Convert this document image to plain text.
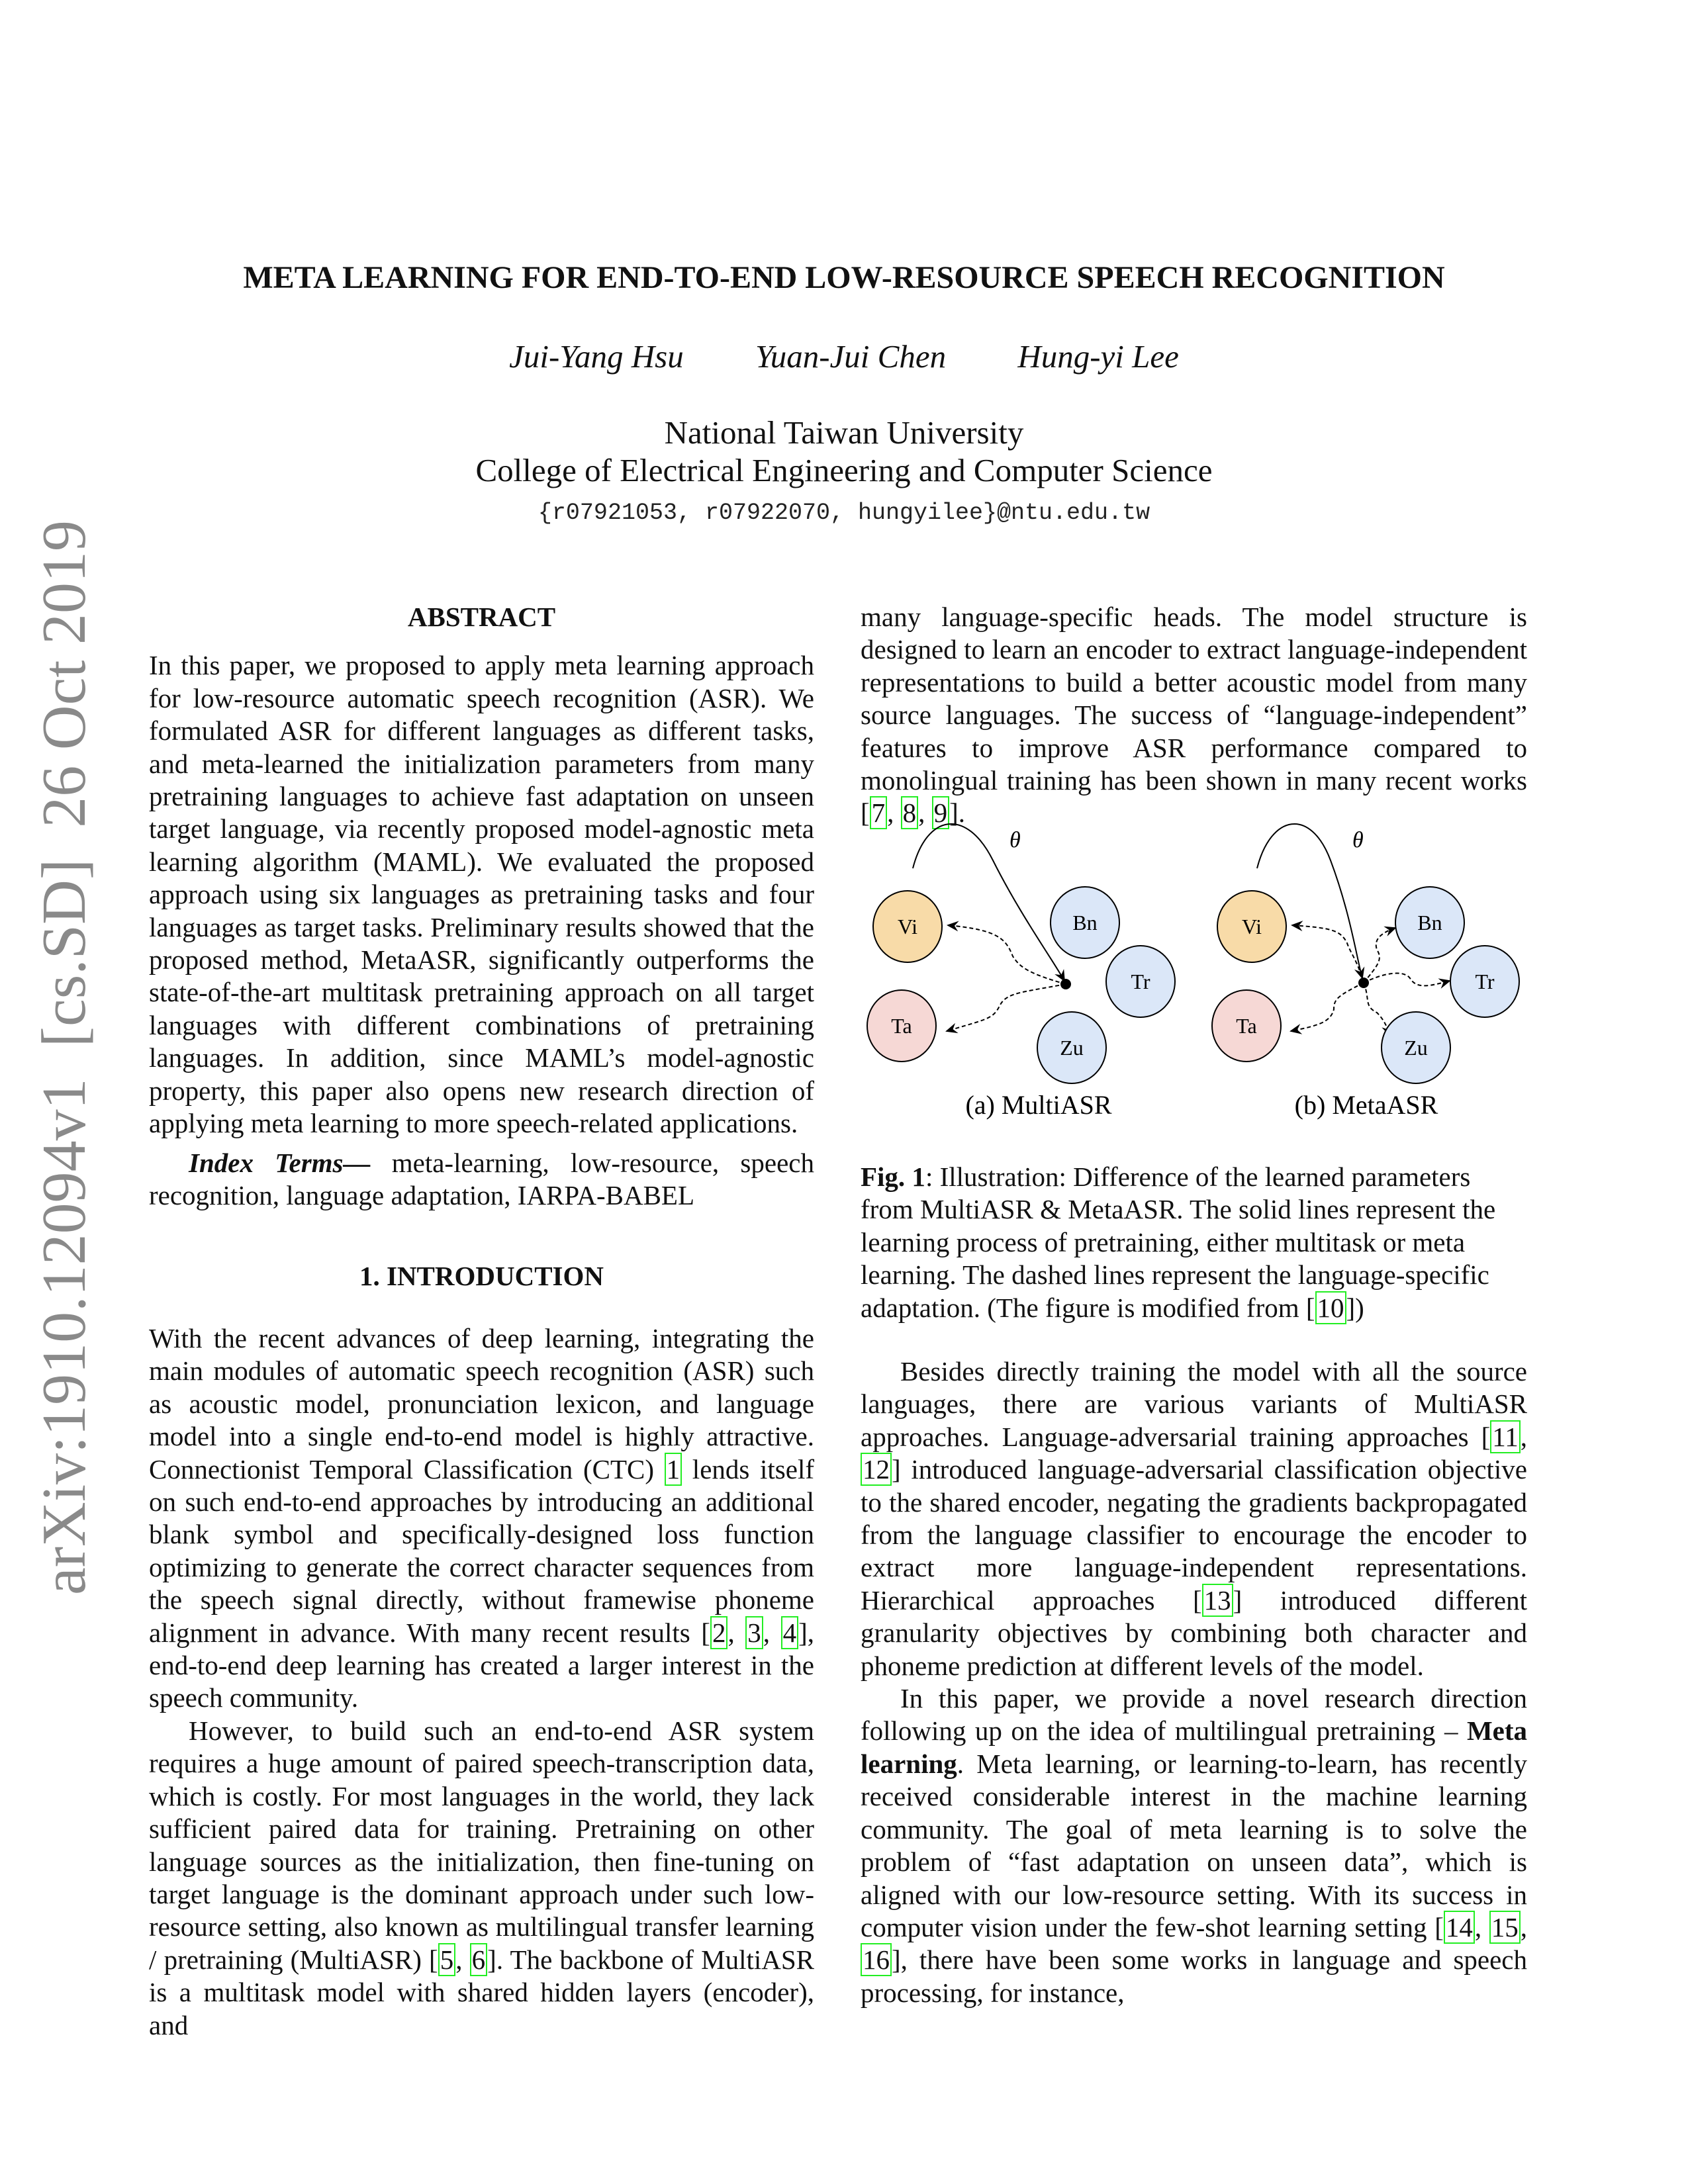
META LEARNING FOR END-TO-END LOW-RESOURCE SPEECH RECOGNITION
Jui-Yang Hsu Yuan-Jui Chen Hung-yi Lee
National Taiwan University
College of Electrical Engineering and Computer Science
{r07921053, r07922070, hungyilee}@ntu.edu.tw
arXiv:1910.12094v1  [cs.SD]  26 Oct 2019	ABSTRACT

In this paper, we proposed to apply meta learning approach for low-resource automatic speech recognition (ASR). We formulated ASR for different languages as different tasks, and meta-learned the initialization parameters from many pretraining languages to achieve fast adaptation on unseen target language, via recently proposed model-agnostic meta learning algorithm (MAML). We evaluated the proposed approach using six languages as pretraining tasks and four languages as target tasks. Preliminary results showed that the proposed method, MetaASR, significantly outperforms the state-of-the-art multitask pretraining approach on all target languages with different combinations of pretraining languages. In addition, since MAML’s model-agnostic property, this paper also opens new research direction of applying meta learning to more speech-related applications.

Index Terms— meta-learning, low-resource, speech recognition, language adaptation, IARPA-BABEL

1. INTRODUCTION

With the recent advances of deep learning, integrating the main modules of automatic speech recognition (ASR) such as acoustic model, pronunciation lexicon, and language model into a single end-to-end model is highly attractive. Connectionist Temporal Classification (CTC) 1 lends itself on such end-to-end approaches by introducing an additional blank symbol and specifically-designed loss function optimizing to generate the correct character sequences from the speech signal directly, without framewise phoneme alignment in advance. With many recent results [2, 3, 4], end-to-end deep learning has created a larger interest in the speech community.

However, to build such an end-to-end ASR system requires a huge amount of paired speech-transcription data, which is costly. For most languages in the world, they lack sufficient paired data for training. Pretraining on other language sources as the initialization, then fine-tuning on target language is the dominant approach under such low-resource setting, also known as multilingual transfer learning / pretraining (MultiASR) [5, 6]. The backbone of MultiASR is a multitask model with shared hidden layers (encoder), and

many language-specific heads. The model structure is designed to learn an encoder to extract language-independent representations to build a better acoustic model from many source languages. The success of “language-independent” features to improve ASR performance compared to monolingual training has been shown in many recent works [7, 8, 9].
θ
Vi	Bn
Tr
Ta
Zu
(a) MultiASR
θ
Vi	Bn
Tr
Ta
Zu
(b) MetaASR
Fig. 1: Illustration: Difference of the learned parameters from MultiASR & MetaASR. The solid lines represent the learning process of pretraining, either multitask or meta learning. The dashed lines represent the language-specific adaptation. (The figure is modified from [10])

Besides directly training the model with all the source languages, there are various variants of MultiASR approaches. Language-adversarial training approaches [11, 12] introduced language-adversarial classification objective to the shared encoder, negating the gradients backpropagated from the language classifier to encourage the encoder to extract more language-independent representations. Hierarchical approaches [13] introduced different granularity objectives by combining both character and phoneme prediction at different levels of the model.

In this paper, we provide a novel research direction following up on the idea of multilingual pretraining – Meta learning. Meta learning, or learning-to-learn, has recently received considerable interest in the machine learning community. The goal of meta learning is to solve the problem of “fast adaptation on unseen data”, which is aligned with our low-resource setting. With its success in computer vision under the few-shot learning setting [14, 15, 16], there have been some works in language and speech processing, for instance,
